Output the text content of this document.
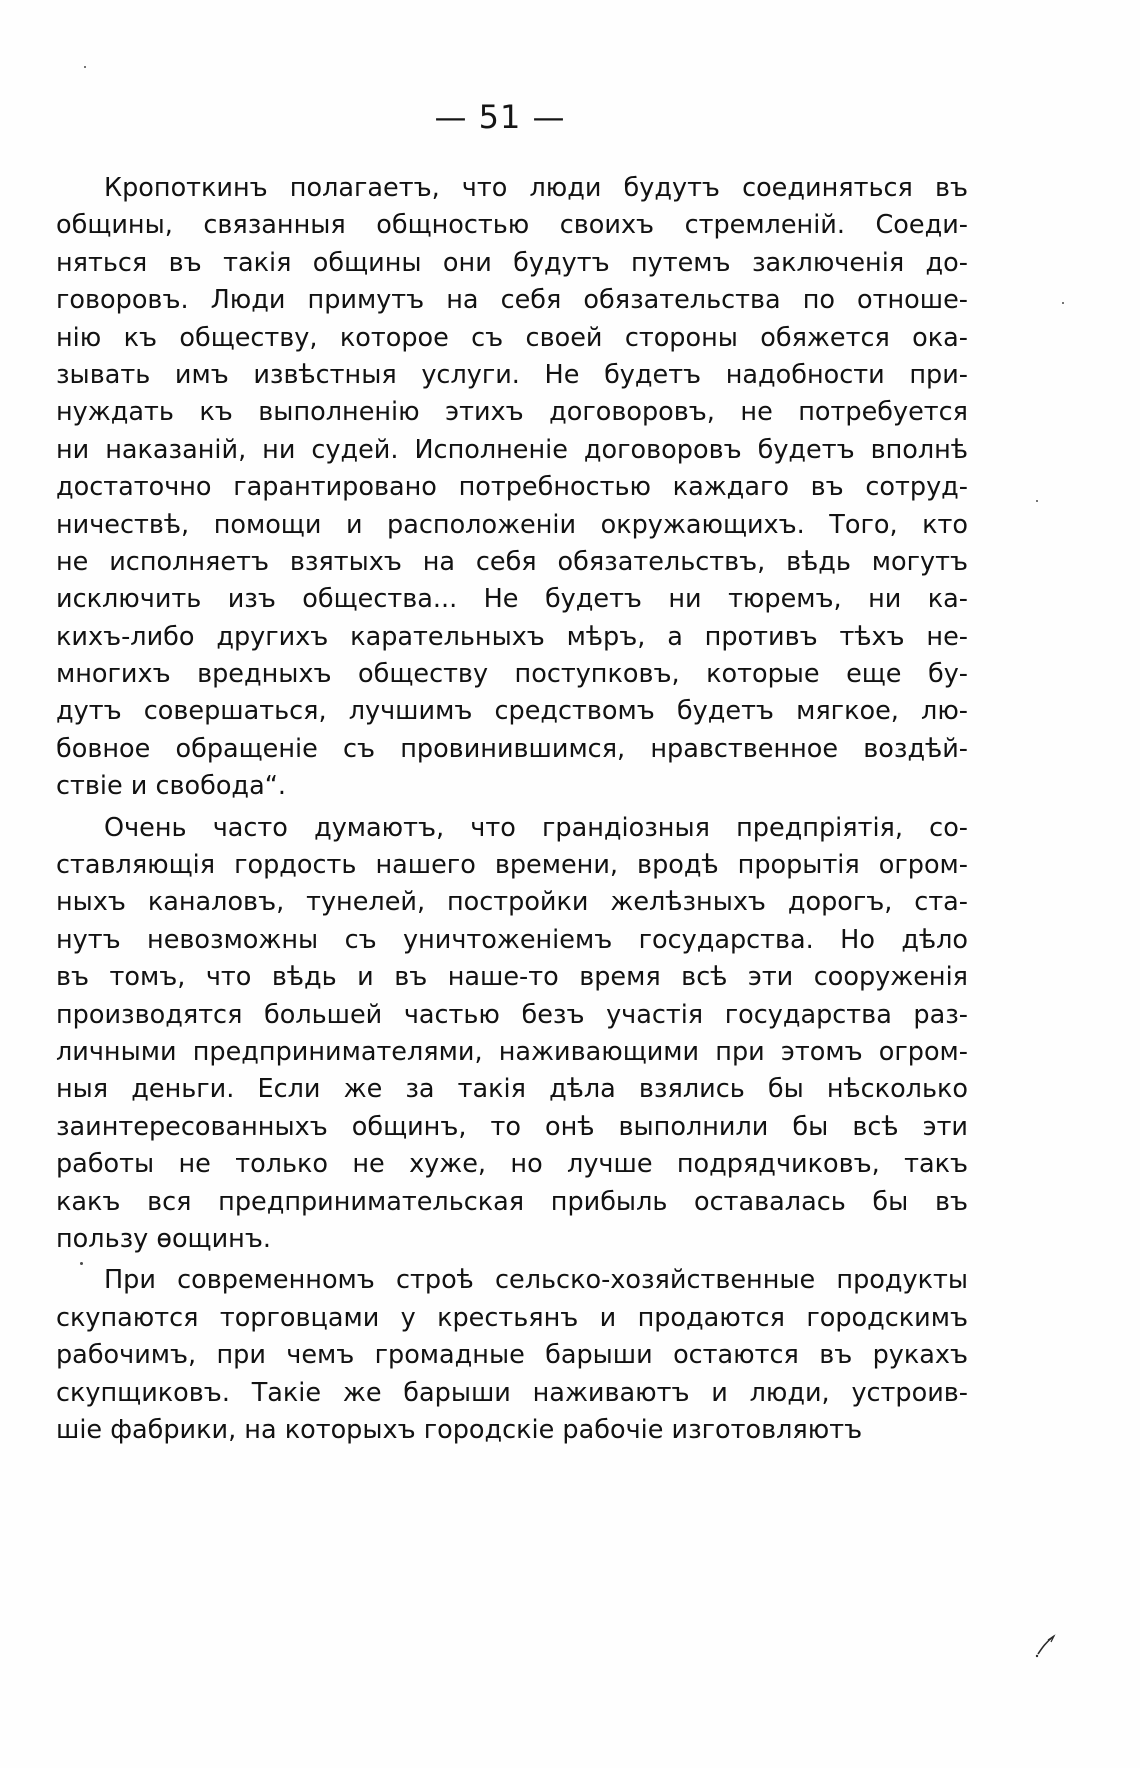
— 51 —
Кропоткинъ полагаетъ, что люди будутъ соединяться въ
общины, связанныя общностью своихъ стремленій. Соеди-
няться въ такія общины они будутъ путемъ заключенія до-
говоровъ. Люди примутъ на себя обязательства по отноше-
нію къ обществу, которое съ своей стороны обяжется ока-
зывать имъ извѣстныя услуги. Не будетъ надобности при-
нуждать къ выполненію этихъ договоровъ, не потребуется
ни наказаній, ни судей. Исполненіе договоровъ будетъ вполнѣ
достаточно гарантировано потребностью каждаго въ сотруд-
ничествѣ, помощи и расположеніи окружающихъ. Того, кто
не исполняетъ взятыхъ на себя обязательствъ, вѣдь могутъ
исключить изъ общества... Не будетъ ни тюремъ, ни ка-
кихъ-либо другихъ карательныхъ мѣръ, а противъ тѣхъ не-
многихъ вредныхъ обществу поступковъ, которые еще бу-
дутъ совершаться, лучшимъ средствомъ будетъ мягкое, лю-
бовное обращеніе съ провинившимся, нравственное воздѣй-
ствіе и свобода“.
Очень часто думаютъ, что грандіозныя предпріятія, со-
ставляющія гордость нашего времени, вродѣ прорытія огром-
ныхъ каналовъ, тунелей, постройки желѣзныхъ дорогъ, ста-
нутъ невозможны съ уничтоженіемъ государства. Но дѣло
въ томъ, что вѣдь и въ наше-то время всѣ эти сооруженія
производятся большей частью безъ участія государства раз-
личными предпринимателями, наживающими при этомъ огром-
ныя деньги. Если же за такія дѣла взялись бы нѣсколько
заинтересованныхъ общинъ, то онѣ выполнили бы всѣ эти
работы не только не хуже, но лучше подрядчиковъ, такъ
какъ вся предпринимательская прибыль оставалась бы въ
пользу ѳощинъ.
При современномъ строѣ сельско-хозяйственные продукты
скупаются торговцами у крестьянъ и продаются городскимъ
рабочимъ, при чемъ громадные барыши остаются въ рукахъ
скупщиковъ. Такіе же барыши наживаютъ и люди, устроив-
шіе фабрики, на которыхъ городскіе рабочіе изготовляютъ
